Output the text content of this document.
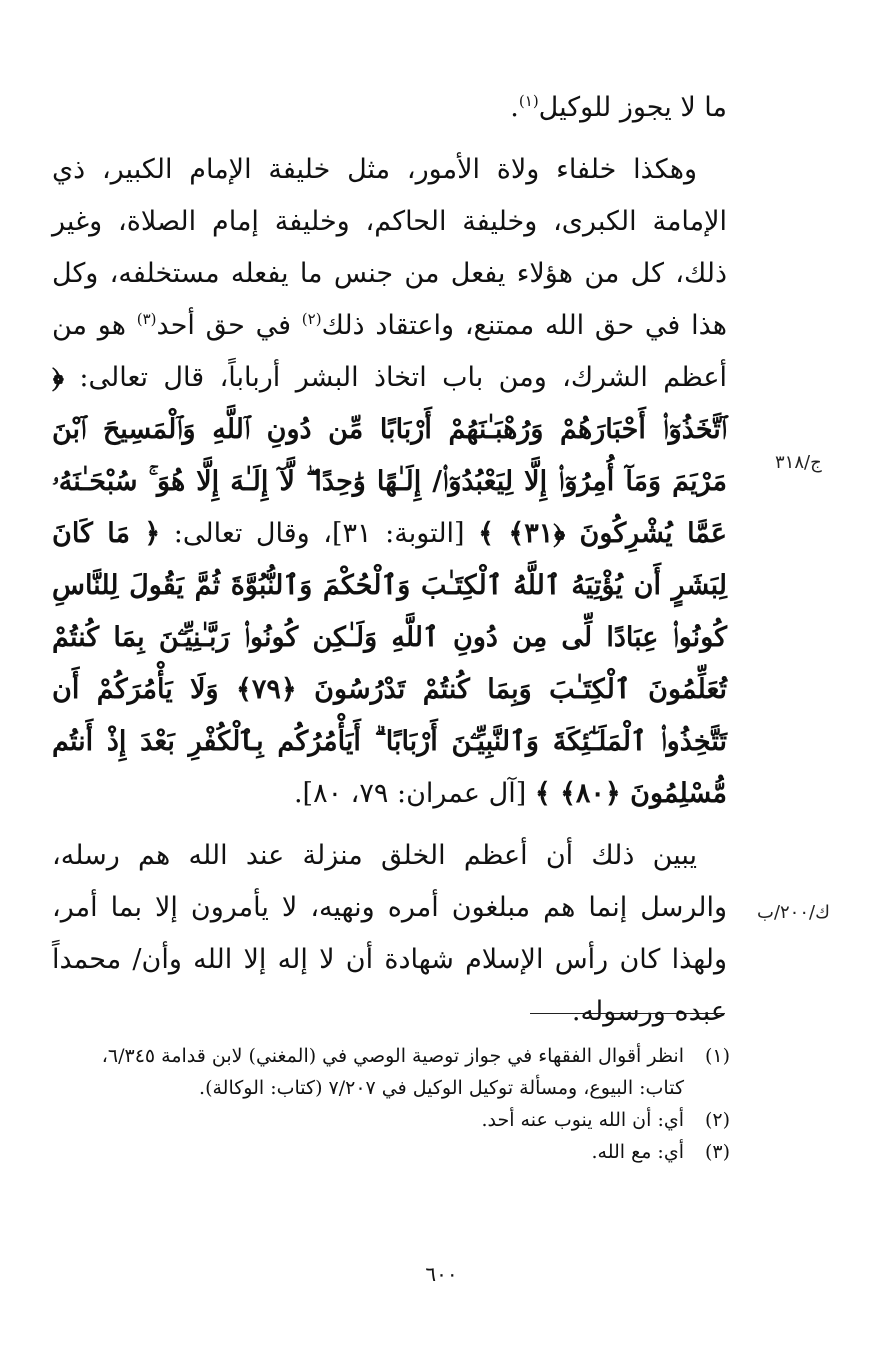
ما لا يجوز للوكيل$^{(١)}$.

وهكذا خلفاء ولاة الأمور، مثل خليفة الإمام الكبير، ذي الإمامة الكبرى، وخليفة الحاكم، وخليفة إمام الصلاة، وغير ذلك، كل من هؤلاء يفعل من جنس ما يفعله مستخلفه، وكل هذا في حق الله ممتنع، واعتقاد ذلك$^{(٢)}$ في حق أحد$^{(٣)}$ هو من أعظم الشرك، ومن باب اتخاذ البشر أرباباً، قال تعالى: ﴿ ٱتَّخَذُوٓا۟ أَحْبَارَهُمْ وَرُهْبَـٰنَهُمْ أَرْبَابًا مِّن دُونِ ٱللَّهِ وَٱلْمَسِيحَ ٱبْنَ مَرْيَمَ وَمَآ أُمِرُوٓا۟ إِلَّا لِيَعْبُدُوٓا۟/ إِلَـٰهًا وَٰحِدًا ۖ لَّآ إِلَـٰهَ إِلَّا هُوَ ۚ سُبْحَـٰنَهُۥ عَمَّا يُشْرِكُونَ ﴿٣١﴾ ﴾ [التوبة: ٣١]، وقال تعالى: ﴿ مَا كَانَ لِبَشَرٍ أَن يُؤْتِيَهُ ٱللَّهُ ٱلْكِتَـٰبَ وَٱلْحُكْمَ وَٱلنُّبُوَّةَ ثُمَّ يَقُولَ لِلنَّاسِ كُونُوا۟ عِبَادًا لِّى مِن دُونِ ٱللَّهِ وَلَـٰكِن كُونُوا۟ رَبَّـٰنِيِّـۧنَ بِمَا كُنتُمْ تُعَلِّمُونَ ٱلْكِتَـٰبَ وَبِمَا كُنتُمْ تَدْرُسُونَ ﴿٧٩﴾ وَلَا يَأْمُرَكُمْ أَن تَتَّخِذُوا۟ ٱلْمَلَـٰٓئِكَةَ وَٱلنَّبِيِّـۧنَ أَرْبَابًا ۗ أَيَأْمُرُكُم بِٱلْكُفْرِ بَعْدَ إِذْ أَنتُم مُّسْلِمُونَ ﴿٨٠﴾ ﴾ [آل عمران: ٧٩، ٨٠].

يبين ذلك أن أعظم الخلق منزلة عند الله هم رسله، والرسل إنما هم مبلغون أمره ونهيه، لا يأمرون إلا بما أمر، ولهذا كان رأس الإسلام شهادة أن لا إله إلا الله وأن/ محمداً عبده ورسوله.

ج/٣١٨
ك/٢٠٠/ب
(١)
انظر أقوال الفقهاء في جواز توصية الوصي في (المغني) لابن قدامة ٦/٣٤٥، كتاب: البيوع، ومسألة توكيل الوكيل في ٧/٢٠٧ (كتاب: الوكالة).
(٢)
أي: أن الله ينوب عنه أحد.
(٣)
أي: مع الله.
٦٠٠
